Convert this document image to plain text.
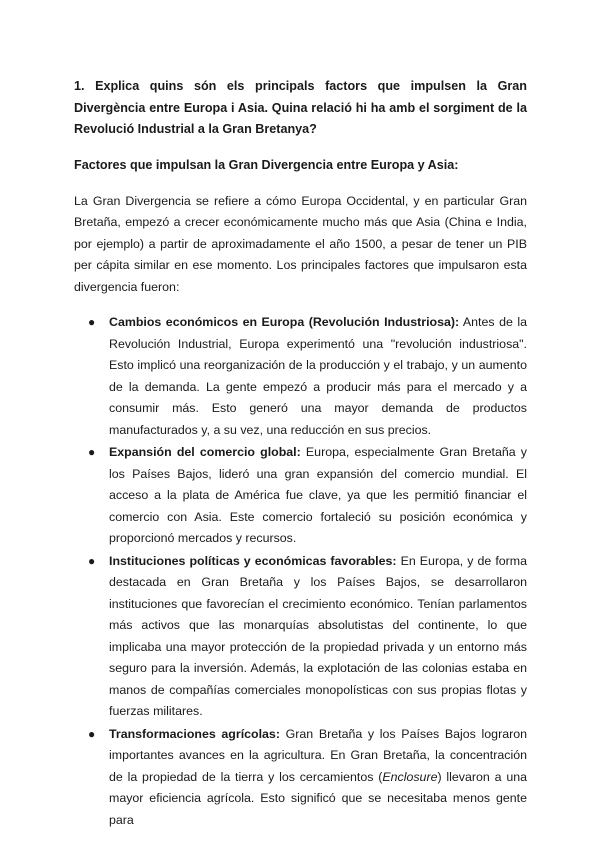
1. Explica quins són els principals factors que impulsen la Gran Divergència entre Europa i Asia. Quina relació hi ha amb el sorgiment de la Revolució Industrial a la Gran Bretanya?

Factores que impulsan la Gran Divergencia entre Europa y Asia:

La Gran Divergencia se refiere a cómo Europa Occidental, y en particular Gran Bretaña, empezó a crecer económicamente mucho más que Asia (China e India, por ejemplo) a partir de aproximadamente el año 1500, a pesar de tener un PIB per cápita similar en ese momento. Los principales factores que impulsaron esta divergencia fueron:

● Cambios económicos en Europa (Revolución Industriosa): Antes de la Revolución Industrial, Europa experimentó una "revolución industriosa". Esto implicó una reorganización de la producción y el trabajo, y un aumento de la demanda. La gente empezó a producir más para el mercado y a consumir más. Esto generó una mayor demanda de productos manufacturados y, a su vez, una reducción en sus precios.
● Expansión del comercio global: Europa, especialmente Gran Bretaña y los Países Bajos, lideró una gran expansión del comercio mundial. El acceso a la plata de América fue clave, ya que les permitió financiar el comercio con Asia. Este comercio fortaleció su posición económica y proporcionó mercados y recursos.
● Instituciones políticas y económicas favorables: En Europa, y de forma destacada en Gran Bretaña y los Países Bajos, se desarrollaron instituciones que favorecían el crecimiento económico. Tenían parlamentos más activos que las monarquías absolutistas del continente, lo que implicaba una mayor protección de la propiedad privada y un entorno más seguro para la inversión. Además, la explotación de las colonias estaba en manos de compañías comerciales monopolísticas con sus propias flotas y fuerzas militares.
● Transformaciones agrícolas: Gran Bretaña y los Países Bajos lograron importantes avances en la agricultura. En Gran Bretaña, la concentración de la propiedad de la tierra y los cercamientos (Enclosure) llevaron a una mayor eficiencia agrícola. Esto significó que se necesitaba menos gente para
